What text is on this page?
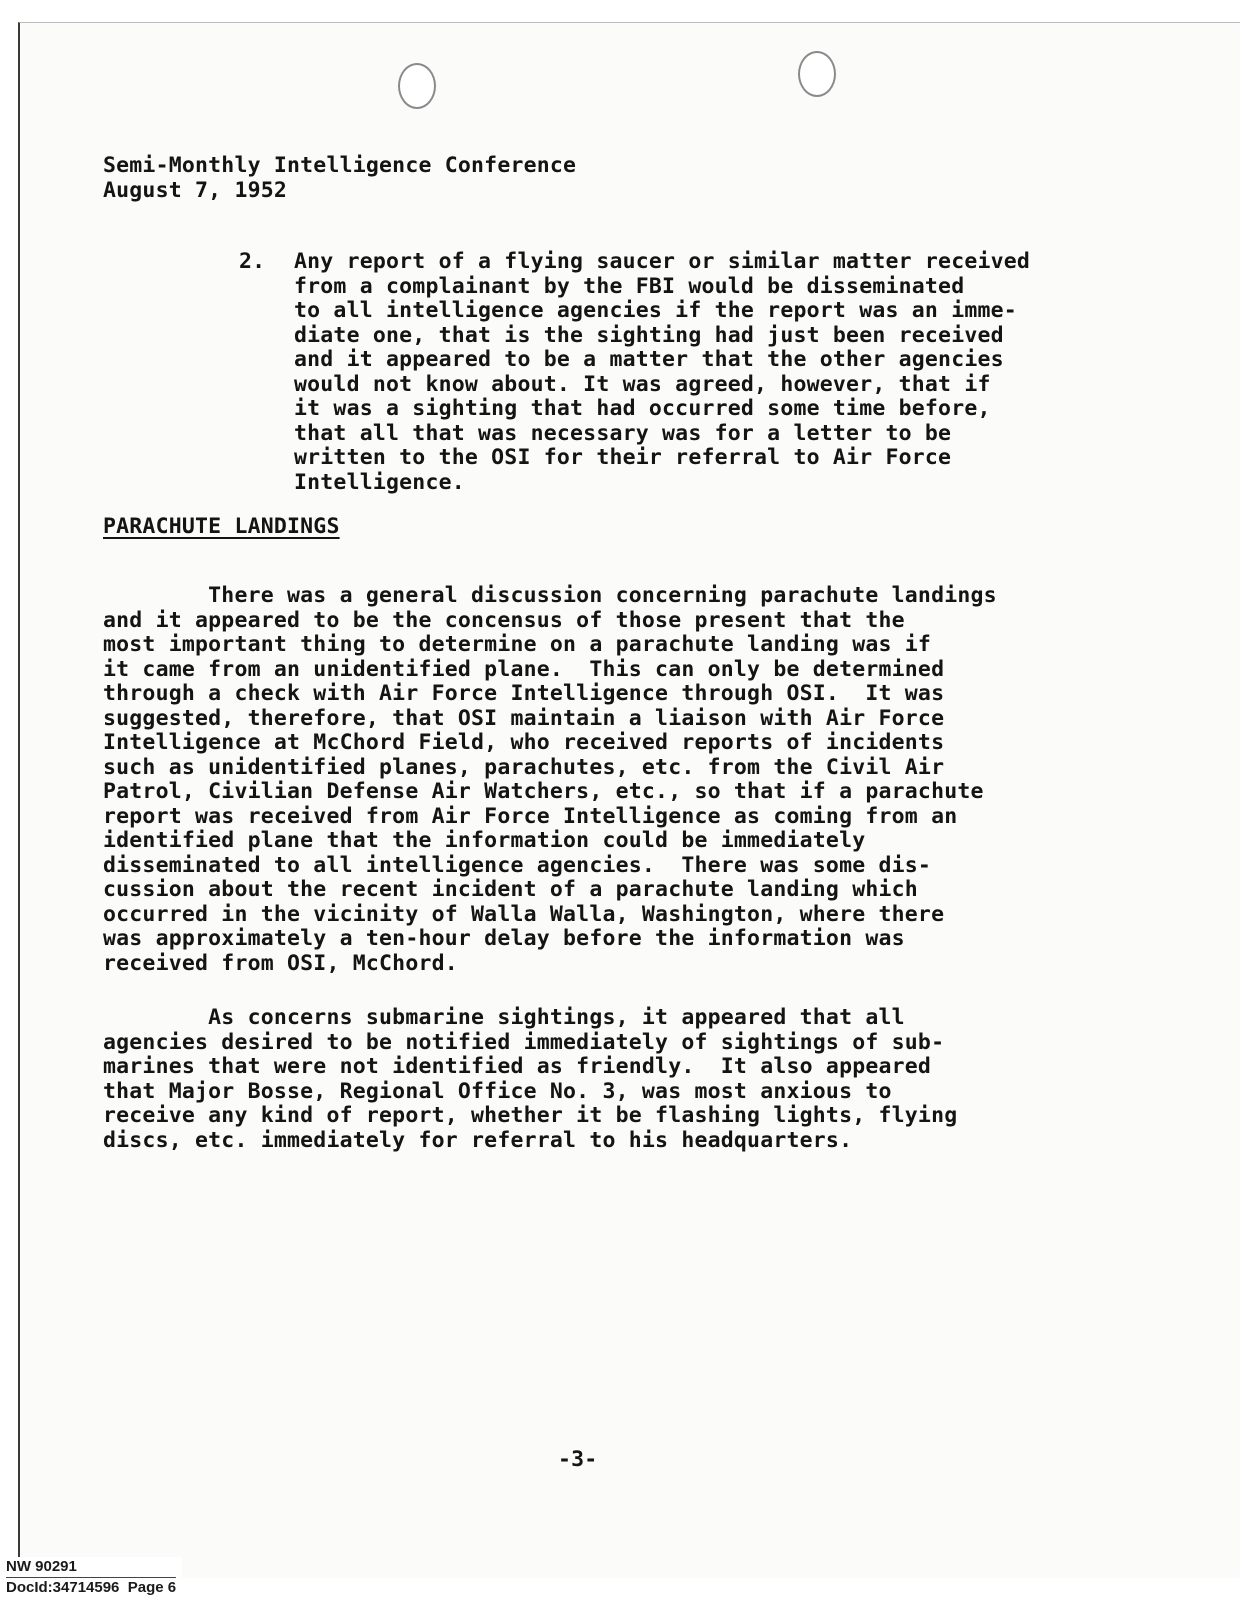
Semi-Monthly Intelligence Conference
August 7, 1952
2. Any report of a flying saucer or similar matter received
from a complainant by the FBI would be disseminated
to all intelligence agencies if the report was an imme-
diate one, that is the sighting had just been received
and it appeared to be a matter that the other agencies
would not know about. It was agreed, however, that if
it was a sighting that had occurred some time before,
that all that was necessary was for a letter to be
written to the OSI for their referral to Air Force
Intelligence.
PARACHUTE LANDINGS
There was a general discussion concerning parachute landings
and it appeared to be the concensus of those present that the
most important thing to determine on a parachute landing was if
it came from an unidentified plane.  This can only be determined
through a check with Air Force Intelligence through OSI.  It was
suggested, therefore, that OSI maintain a liaison with Air Force
Intelligence at McChord Field, who received reports of incidents
such as unidentified planes, parachutes, etc. from the Civil Air
Patrol, Civilian Defense Air Watchers, etc., so that if a parachute
report was received from Air Force Intelligence as coming from an
identified plane that the information could be immediately
disseminated to all intelligence agencies.  There was some dis-
cussion about the recent incident of a parachute landing which
occurred in the vicinity of Walla Walla, Washington, where there
was approximately a ten-hour delay before the information was
received from OSI, McChord.
As concerns submarine sightings, it appeared that all
agencies desired to be notified immediately of sightings of sub-
marines that were not identified as friendly.  It also appeared
that Major Bosse, Regional Office No. 3, was most anxious to
receive any kind of report, whether it be flashing lights, flying
discs, etc. immediately for referral to his headquarters.
-3-
NW 90291
DocId:34714596  Page 6
